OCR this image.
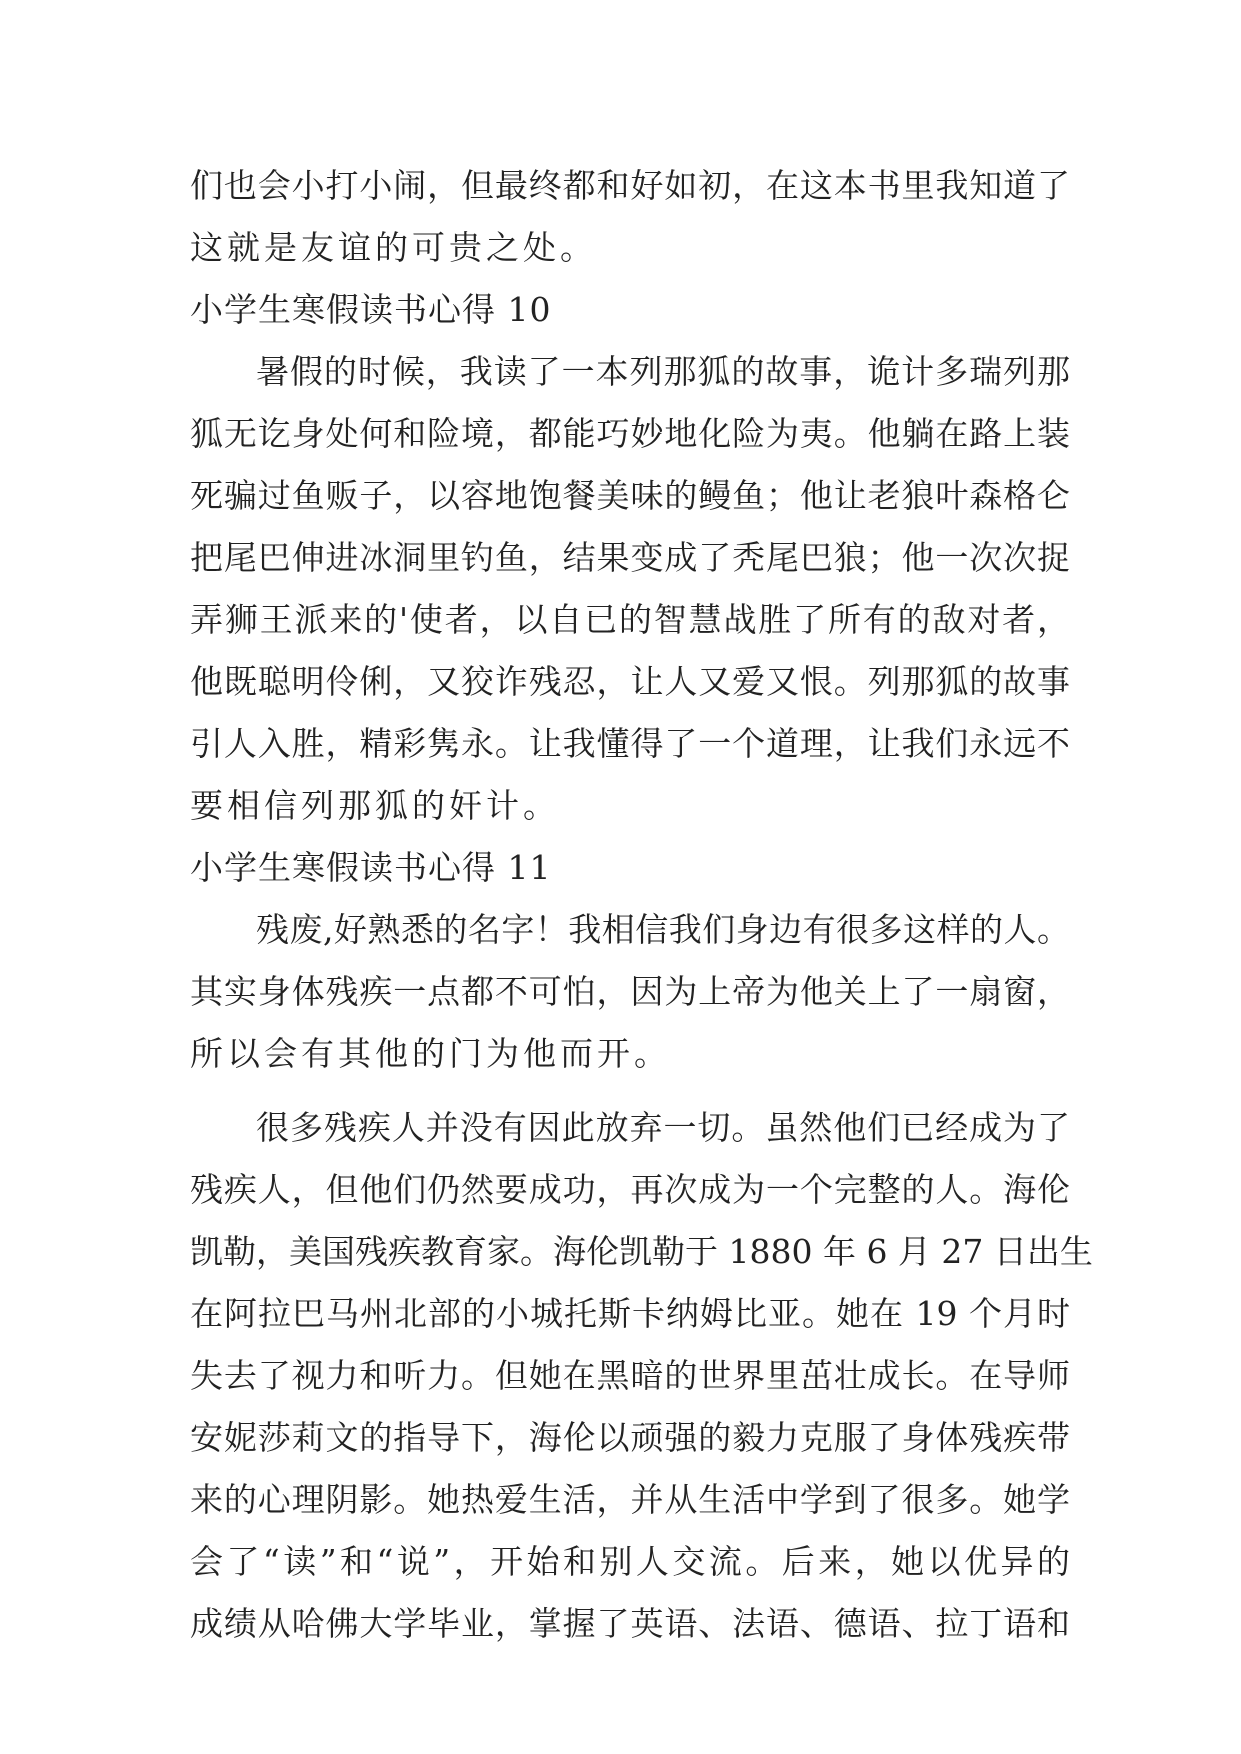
们也会小打小闹，但最终都和好如初，在这本书里我知道了
这就是友谊的可贵之处。
小学生寒假读书心得 10
暑假的时候，我读了一本列那狐的故事，诡计多瑞列那
狐无讫身处何和险境，都能巧妙地化险为夷。他躺在路上装
死骗过鱼贩子，以容地饱餐美味的鳗鱼；他让老狼叶森格仑
把尾巴伸进冰洞里钓鱼，结果变成了秃尾巴狼；他一次次捉
弄狮王派来的'使者，以自已的智慧战胜了所有的敌对者，
他既聪明伶俐，又狡诈残忍，让人又爱又恨。列那狐的故事
引人入胜，精彩隽永。让我懂得了一个道理，让我们永远不
要相信列那狐的奸计。
小学生寒假读书心得 11
残废,好熟悉的名字！我相信我们身边有很多这样的人。
其实身体残疾一点都不可怕，因为上帝为他关上了一扇窗，
所以会有其他的门为他而开。
很多残疾人并没有因此放弃一切。虽然他们已经成为了
残疾人，但他们仍然要成功，再次成为一个完整的人。海伦
凯勒，美国残疾教育家。海伦凯勒于 1880 年 6 月 27 日出生
在阿拉巴马州北部的小城托斯卡纳姆比亚。她在 19 个月时
失去了视力和听力。但她在黑暗的世界里茁壮成长。在导师
安妮莎莉文的指导下，海伦以顽强的毅力克服了身体残疾带
来的心理阴影。她热爱生活，并从生活中学到了很多。她学
会了“读”和“说”，开始和别人交流。后来，她以优异的
成绩从哈佛大学毕业，掌握了英语、法语、德语、拉丁语和
